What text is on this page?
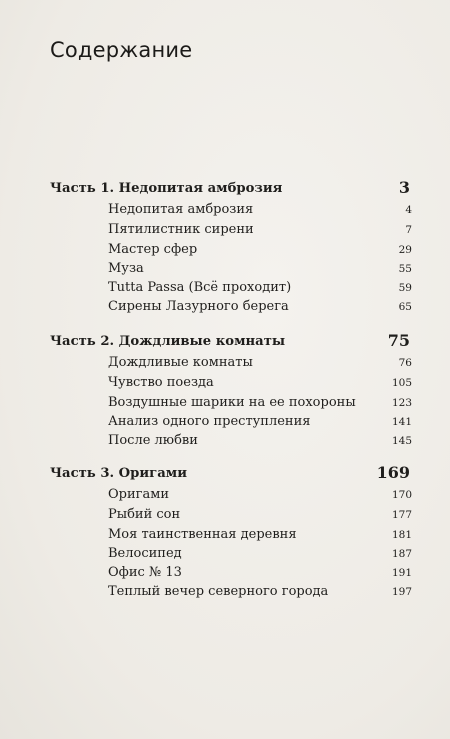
Содержание
Часть 1. Недопитая амброзия	3
Недопитая амброзия	4
Пятилистник сирени	7
Мастер сфер	29
Муза	55
Tutta Passa (Всё проходит)	59
Сирены Лазурного берега	65
Часть 2. Дождливые комнаты	75
Дождливые комнаты	76
Чувство поезда	105
Воздушные шарики на ее похороны	123
Анализ одного преступления	141
После любви	145
Часть 3. Оригами	169
Оригами	170
Рыбий сон	177
Моя таинственная деревня	181
Велосипед	187
Офис № 13	191
Теплый вечер северного города	197
